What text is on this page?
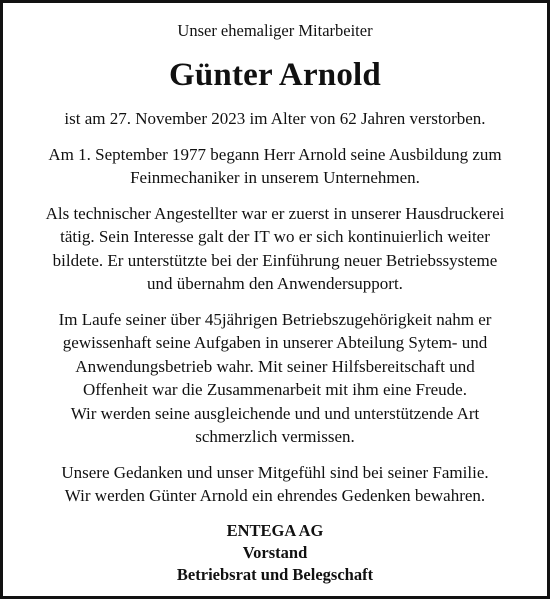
Unser ehemaliger Mitarbeiter
Günter Arnold
ist am 27. November 2023 im Alter von 62 Jahren verstorben.
Am 1. September 1977 begann Herr Arnold seine Ausbildung zum
Feinmechaniker in unserem Unternehmen.
Als technischer Angestellter war er zuerst in unserer Hausdruckerei
tätig. Sein Interesse galt der IT wo er sich kontinuierlich weiter
bildete. Er unterstützte bei der Einführung neuer Betriebssysteme
und übernahm den Anwendersupport.
Im Laufe seiner über 45jährigen Betriebszugehörigkeit nahm er
gewissenhaft seine Aufgaben in unserer Abteilung Sytem- und
Anwendungsbetrieb wahr. Mit seiner Hilfsbereitschaft und
Offenheit war die Zusammenarbeit mit ihm eine Freude.
Wir werden seine ausgleichende und und unterstützende Art
schmerzlich vermissen.
Unsere Gedanken und unser Mitgefühl sind bei seiner Familie.
Wir werden Günter Arnold ein ehrendes Gedenken bewahren.
ENTEGA AG
Vorstand
Betriebsrat und Belegschaft
